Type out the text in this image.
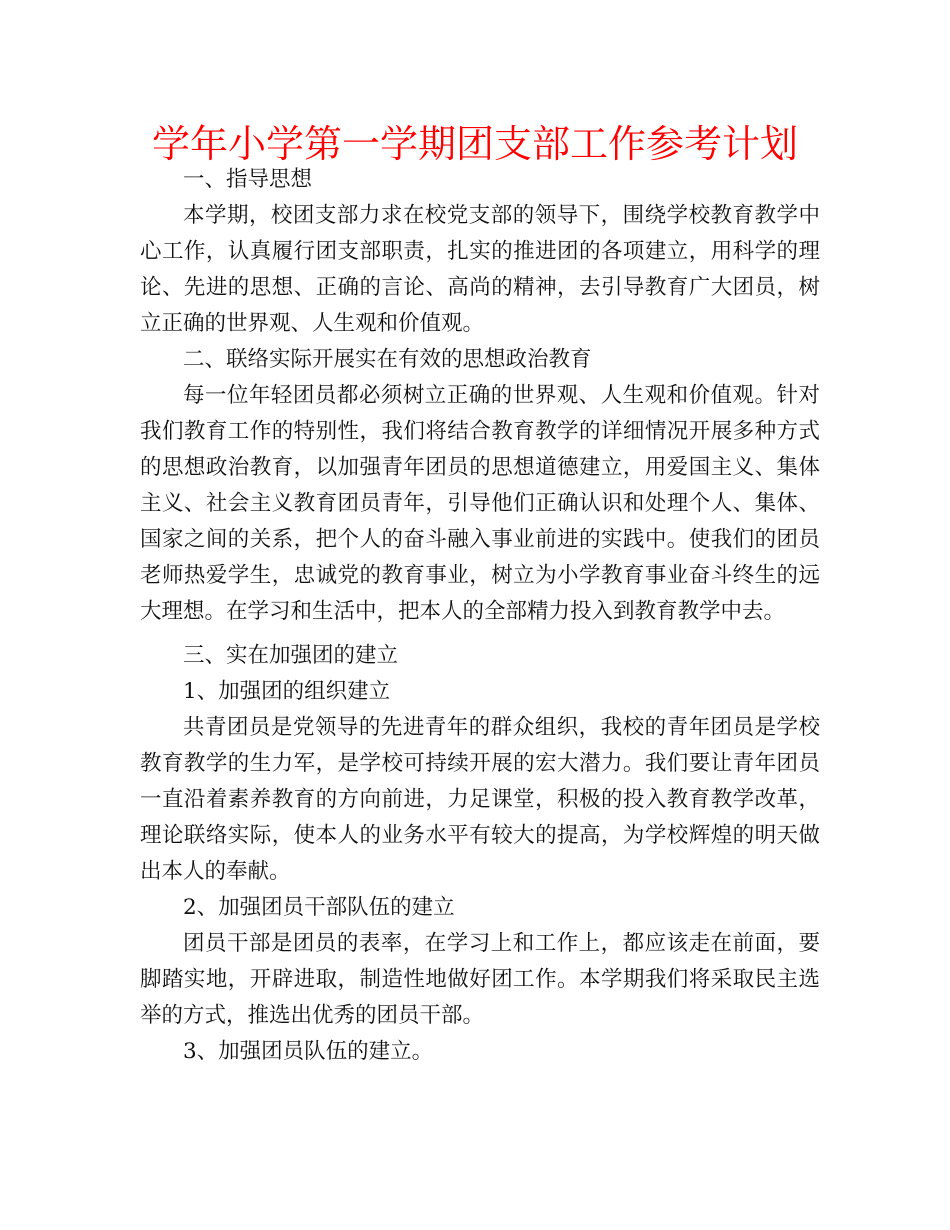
学年小学第一学期团支部工作参考计划

一、指导思想

本学期，校团支部力求在校党支部的领导下，围绕学校教育教学中心工作，认真履行团支部职责，扎实的推进团的各项建立，用科学的理论、先进的思想、正确的言论、高尚的精神，去引导教育广大团员，树立正确的世界观、人生观和价值观。

二、联络实际开展实在有效的思想政治教育

每一位年轻团员都必须树立正确的世界观、人生观和价值观。针对我们教育工作的特别性，我们将结合教育教学的详细情况开展多种方式的思想政治教育，以加强青年团员的思想道德建立，用爱国主义、集体主义、社会主义教育团员青年，引导他们正确认识和处理个人、集体、国家之间的关系，把个人的奋斗融入事业前进的实践中。使我们的团员老师热爱学生，忠诚党的教育事业，树立为小学教育事业奋斗终生的远大理想。在学习和生活中，把本人的全部精力投入到教育教学中去。

三、实在加强团的建立

1、加强团的组织建立

共青团员是党领导的先进青年的群众组织，我校的青年团员是学校教育教学的生力军，是学校可持续开展的宏大潜力。我们要让青年团员一直沿着素养教育的方向前进，力足课堂，积极的投入教育教学改革，理论联络实际，使本人的业务水平有较大的提高，为学校辉煌的明天做出本人的奉献。

2、加强团员干部队伍的建立

团员干部是团员的表率，在学习上和工作上，都应该走在前面，要脚踏实地，开辟进取，制造性地做好团工作。本学期我们将采取民主选举的方式，推选出优秀的团员干部。

3、加强团员队伍的建立。
